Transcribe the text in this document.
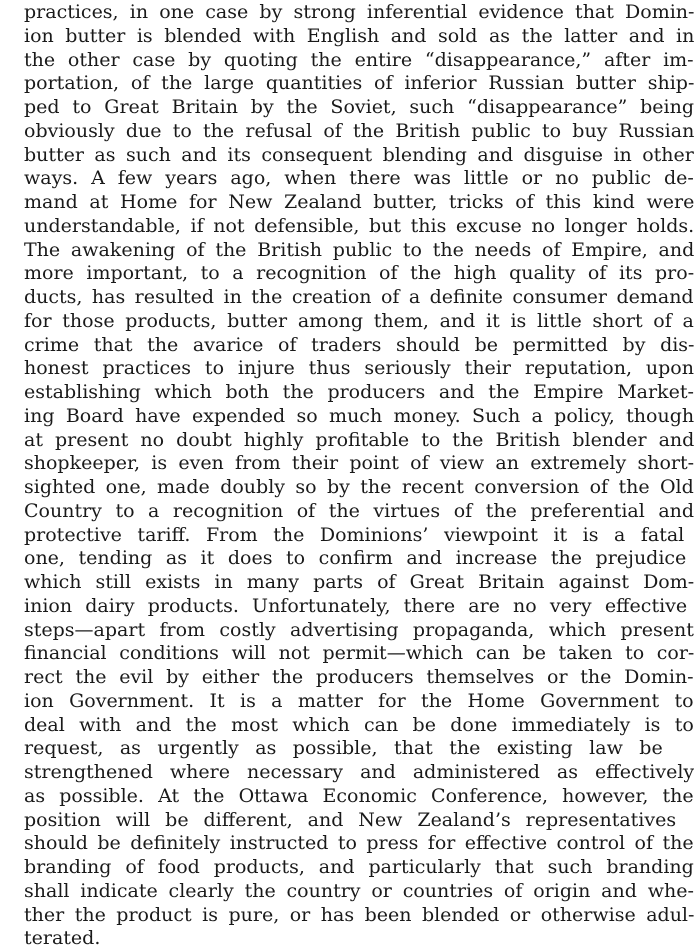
practices, in one case by strong inferential evidence that Domin-
ion butter is blended with English and sold as the latter and in
the other case by quoting the entire “disappearance,” after im-
portation, of the large quantities of inferior Russian butter ship-
ped to Great Britain by the Soviet, such “disappearance” being
obviously due to the refusal of the British public to buy Russian
butter as such and its consequent blending and disguise in other
ways. A few years ago, when there was little or no public de-
mand at Home for New Zealand butter, tricks of this kind were
understandable, if not defensible, but this excuse no longer holds.
The awakening of the British public to the needs of Empire, and
more important, to a recognition of the high quality of its pro-
ducts, has resulted in the creation of a definite consumer demand
for those products, butter among them, and it is little short of a
crime that the avarice of traders should be permitted by dis-
honest practices to injure thus seriously their reputation, upon
establishing which both the producers and the Empire Market-
ing Board have expended so much money. Such a policy, though
at present no doubt highly profitable to the British blender and
shopkeeper, is even from their point of view an extremely short-
sighted one, made doubly so by the recent conversion of the Old
Country to a recognition of the virtues of the preferential and
protective tariff. From the Dominions’ viewpoint it is a fatal
one, tending as it does to confirm and increase the prejudice
which still exists in many parts of Great Britain against Dom-
inion dairy products. Unfortunately, there are no very effective
steps—apart from costly advertising propaganda, which present
financial conditions will not permit—which can be taken to cor-
rect the evil by either the producers themselves or the Domin-
ion Government. It is a matter for the Home Government to
deal with and the most which can be done immediately is to
request, as urgently as possible, that the existing law be
strengthened where necessary and administered as effectively
as possible. At the Ottawa Economic Conference, however, the
position will be different, and New Zealand’s representatives
should be definitely instructed to press for effective control of the
branding of food products, and particularly that such branding
shall indicate clearly the country or countries of origin and whe-
ther the product is pure, or has been blended or otherwise adul-
terated.
